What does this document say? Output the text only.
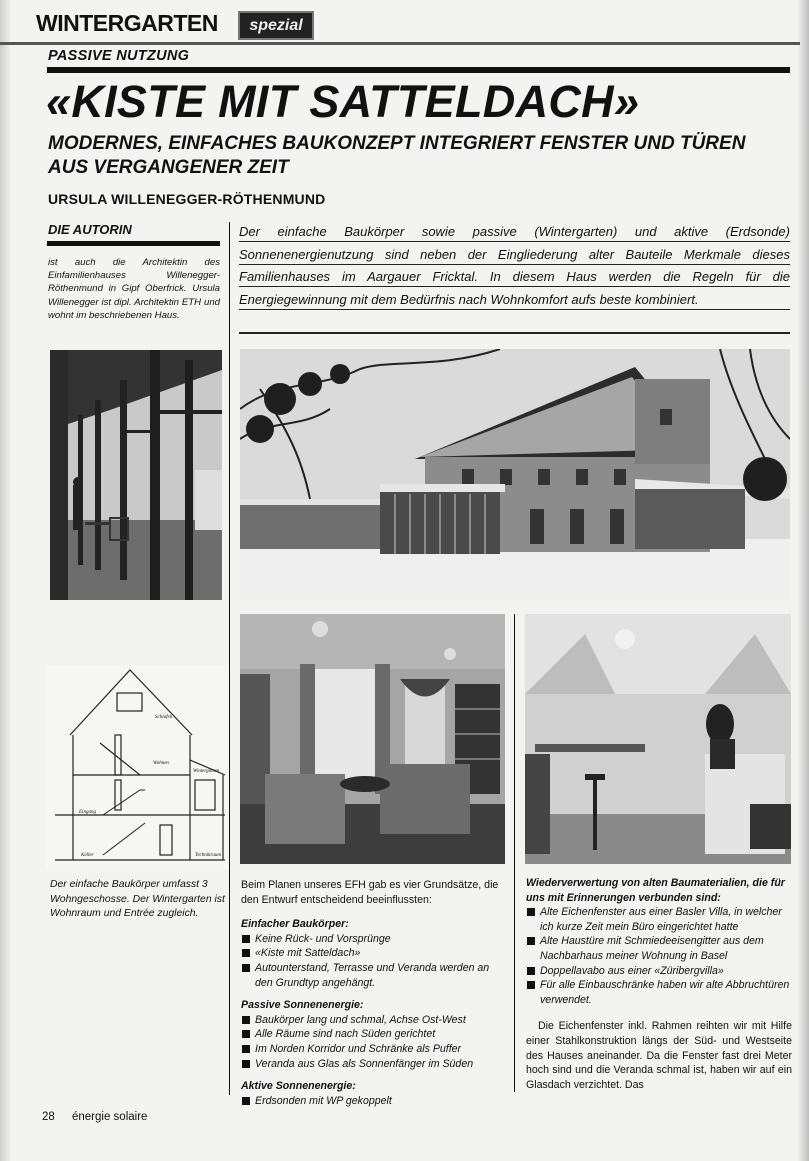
WINTERGARTEN	spezial
PASSIVE NUTZUNG
«KISTE MIT SATTELDACH»
MODERNES, EINFACHES BAUKONZEPT INTEGRIERT FENSTER UND TÜREN AUS VERGANGENER ZEIT
URSULA WILLENEGGER-RÖTHENMUND
DIE AUTORIN
ist auch die Architektin des Einfamilienhauses Willenegger-Röthenmund in Gipf Oberfrick. Ursula Willenegger ist dipl. Architektin ETH und wohnt im beschriebenen Haus.
Der einfache Baukörper sowie passive (Wintergarten) und aktive (Erdsonde) Sonnenenergienutzung sind neben der Eingliederung alter Bauteile Merkmale dieses Familienhauses im Aargauer Fricktal. In diesem Haus werden die Regeln für die Energiegewinnung mit dem Bedürfnis nach Wohnkomfort aufs beste kombiniert.
Schlafen
Wohnen
Wintergarten
Eingang
Keller	Technikraum
Der einfache Baukörper umfasst 3 Wohngeschosse. Der Wintergarten ist Wohnraum und Entrée zugleich.
Beim Planen unseres EFH gab es vier Grundsätze, die den Entwurf entscheidend beeinflussten:
Einfacher Baukörper:
Keine Rück- und Vorsprünge
«Kiste mit Satteldach»
Autounterstand, Terrasse und Veranda werden an den Grundtyp angehängt.
Passive Sonnenenergie:
Baukörper lang und schmal, Achse Ost-West
Alle Räume sind nach Süden gerichtet
Im Norden Korridor und Schränke als Puffer
Veranda aus Glas als Sonnenfänger im Süden
Aktive Sonnenenergie:
Erdsonden mit WP gekoppelt
Wiederverwertung von alten Baumaterialien, die für uns mit Erinnerungen verbunden sind:
Alte Eichenfenster aus einer Basler Villa, in welcher ich kurze Zeit mein Büro eingerichtet hatte
Alte Haustüre mit Schmiedeeisengitter aus dem Nachbarhaus meiner Wohnung in Basel
Doppellavabo aus einer «Züribergvilla»
Für alle Einbauschränke haben wir alte Abbruchtüren verwendet.
Die Eichenfenster inkl. Rahmen reihten wir mit Hilfe einer Stahlkonstruktion längs der Süd- und Westseite des Hauses aneinander. Da die Fenster fast drei Meter hoch sind und die Veranda schmal ist, haben wir auf ein Glasdach verzichtet. Das
28 énergie solaire
